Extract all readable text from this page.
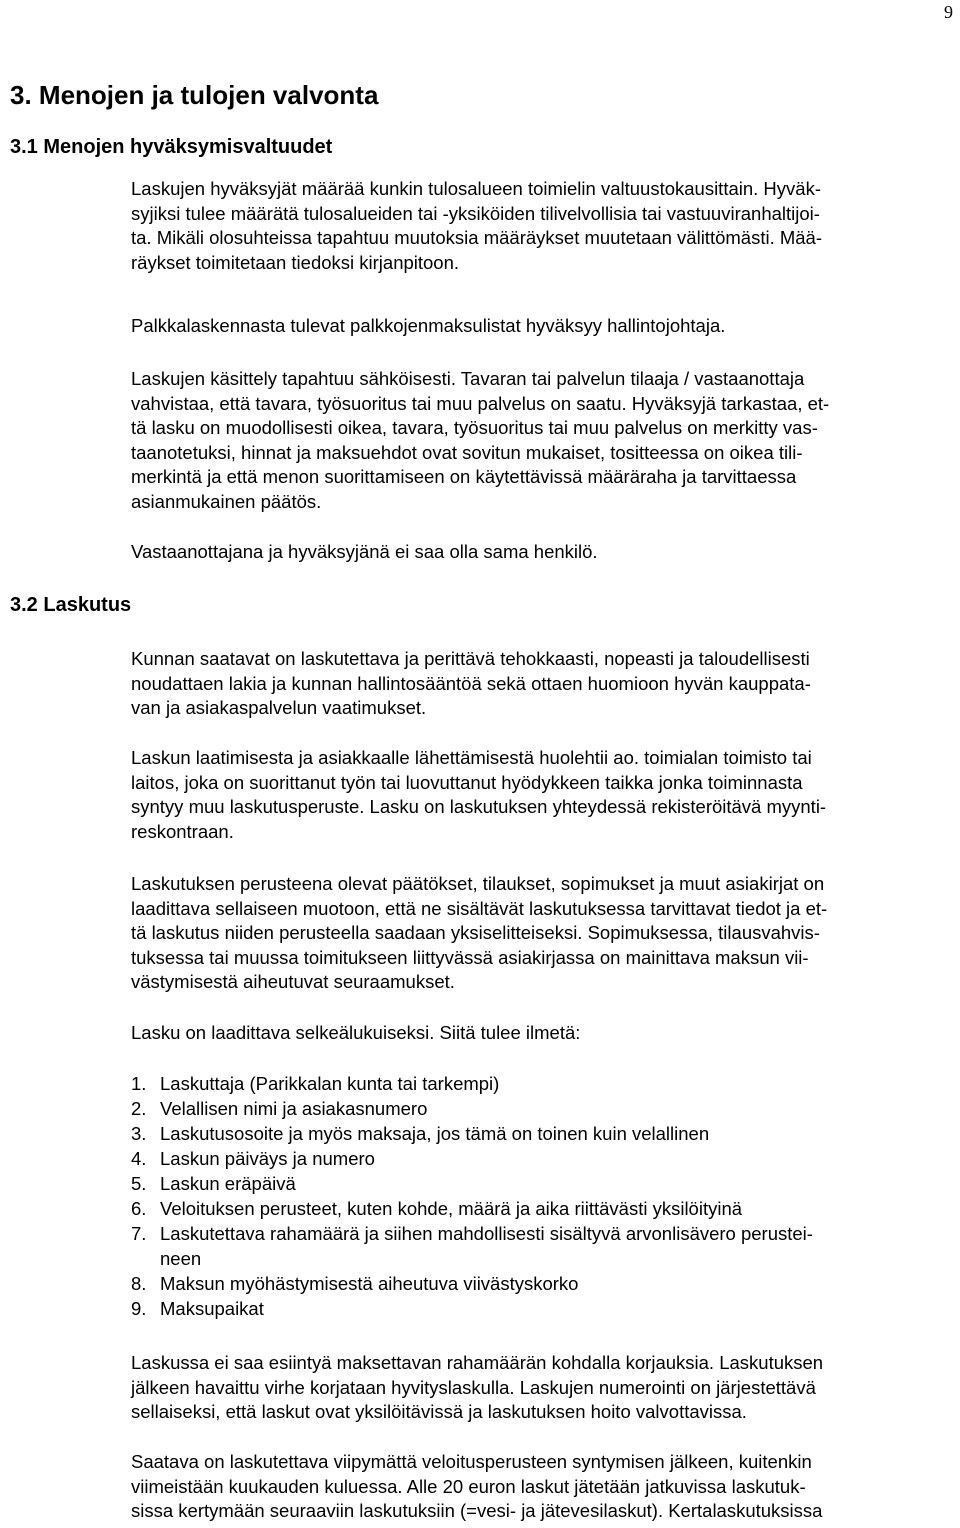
9
3. Menojen ja tulojen valvonta
3.1 Menojen hyväksymisvaltuudet

Laskujen hyväksyjät määrää kunkin tulosalueen toimielin valtuustokausittain. Hyväk-
syjiksi tulee määrätä tulosalueiden tai -yksiköiden tilivelvollisia tai vastuuviranhaltijoi-
ta. Mikäli olosuhteissa tapahtuu muutoksia määräykset muutetaan välittömästi. Mää-
räykset toimitetaan tiedoksi kirjanpitoon.

Palkkalaskennasta tulevat palkkojenmaksulistat hyväksyy hallintojohtaja.

Laskujen käsittely tapahtuu sähköisesti. Tavaran tai palvelun tilaaja / vastaanottaja
vahvistaa, että tavara, työsuoritus tai muu palvelus on saatu. Hyväksyjä tarkastaa, et-
tä lasku on muodollisesti oikea, tavara, työsuoritus tai muu palvelus on merkitty vas-
taanotetuksi, hinnat ja maksuehdot ovat sovitun mukaiset, tositteessa on oikea tili-
merkintä ja että menon suorittamiseen on käytettävissä määräraha ja tarvittaessa
asianmukainen päätös.

Vastaanottajana ja hyväksyjänä ei saa olla sama henkilö.

3.2 Laskutus

Kunnan saatavat on laskutettava ja perittävä tehokkaasti, nopeasti ja taloudellisesti
noudattaen lakia ja kunnan hallintosääntöä sekä ottaen huomioon hyvän kauppata-
van ja asiakaspalvelun vaatimukset.

Laskun laatimisesta ja asiakkaalle lähettämisestä huolehtii ao. toimialan toimisto tai
laitos, joka on suorittanut työn tai luovuttanut hyödykkeen taikka jonka toiminnasta
syntyy muu laskutusperuste. Lasku on laskutuksen yhteydessä rekisteröitävä myynti-
reskontraan.

Laskutuksen perusteena olevat päätökset, tilaukset, sopimukset ja muut asiakirjat on
laadittava sellaiseen muotoon, että ne sisältävät laskutuksessa tarvittavat tiedot ja et-
tä laskutus niiden perusteella saadaan yksiselitteiseksi. Sopimuksessa, tilausvahvis-
tuksessa tai muussa toimitukseen liittyvässä asiakirjassa on mainittava maksun vii-
västymisestä aiheutuvat seuraamukset.

Lasku on laadittava selkeälukuiseksi. Siitä tulee ilmetä:

1. Laskuttaja (Parikkalan kunta tai tarkempi)
2. Velallisen nimi ja asiakasnumero
3. Laskutusosoite ja myös maksaja, jos tämä on toinen kuin velallinen
4. Laskun päiväys ja numero
5. Laskun eräpäivä
6. Veloituksen perusteet, kuten kohde, määrä ja aika riittävästi yksilöityinä
7. Laskutettava rahamäärä ja siihen mahdollisesti sisältyvä arvonlisävero perustei-
neen
8. Maksun myöhästymisestä aiheutuva viivästyskorko
9. Maksupaikat

Laskussa ei saa esiintyä maksettavan rahamäärän kohdalla korjauksia. Laskutuksen
jälkeen havaittu virhe korjataan hyvityslaskulla. Laskujen numerointi on järjestettävä
sellaiseksi, että laskut ovat yksilöitävissä ja laskutuksen hoito valvottavissa.

Saatava on laskutettava viipymättä veloitusperusteen syntymisen jälkeen, kuitenkin
viimeistään kuukauden kuluessa. Alle 20 euron laskut jätetään jatkuvissa laskutuk-
sissa kertymään seuraaviin laskutuksiin (=vesi- ja jätevesilaskut). Kertalaskutuksissa
